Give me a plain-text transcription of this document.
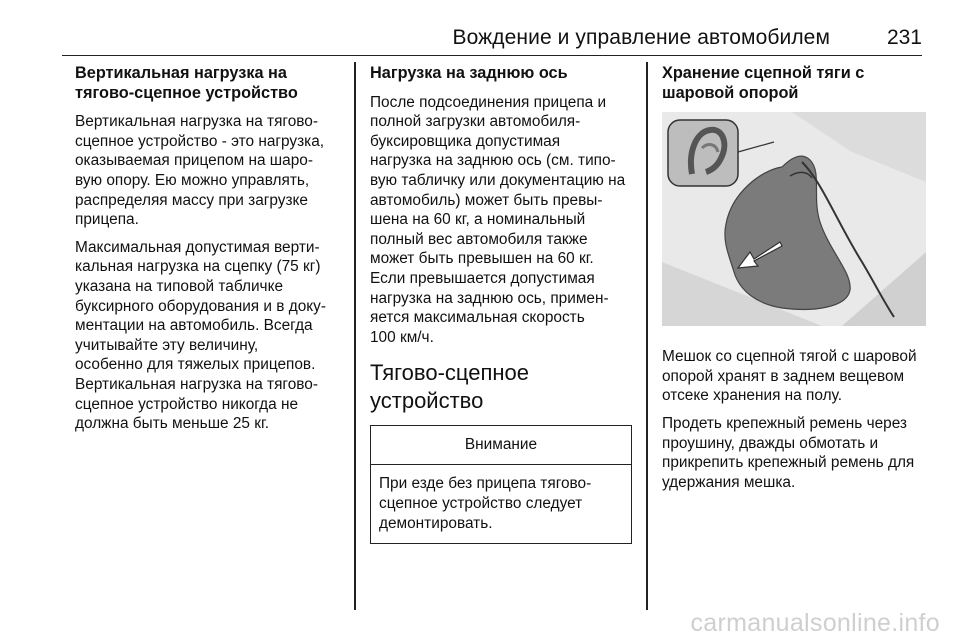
Вождение и управление автомобилем	231
Вертикальная нагрузка на
тягово-сцепное устройство

Вертикальная нагрузка на тягово-
сцепное устройство - это нагрузка,
оказываемая прицепом на шаро-
вую опору. Ею можно управлять,
распределяя массу при загрузке
прицепа.

Максимальная допустимая верти-
кальная нагрузка на сцепку (75 кг)
указана на типовой табличке
буксирного оборудования и в доку-
ментации на автомобиль. Всегда
учитывайте эту величину,
особенно для тяжелых прицепов.
Вертикальная нагрузка на тягово-
сцепное устройство никогда не
должна быть меньше 25 кг.

Нагрузка на заднюю ось

После подсоединения прицепа и
полной загрузки автомобиля-
буксировщика допустимая
нагрузка на заднюю ось (см. типо-
вую табличку или документацию на
автомобиль) может быть превы-
шена на 60 кг, а номинальный
полный вес автомобиля также
может быть превышен на 60 кг.
Если превышается допустимая
нагрузка на заднюю ось, примен-
яется максимальная скорость
100 км/ч.

Тягово-сцепное
устройство
Внимание
При езде без прицепа тягово-
сцепное устройство следует
демонтировать.
Хранение сцепной тяги с
шаровой опорой

Мешок со сцепной тягой с шаровой
опорой хранят в заднем вещевом
отсеке хранения на полу.

Продеть крепежный ремень через
проушину, дважды обмотать и
прикрепить крепежный ремень для
удержания мешка.

carmanualsonline.info
